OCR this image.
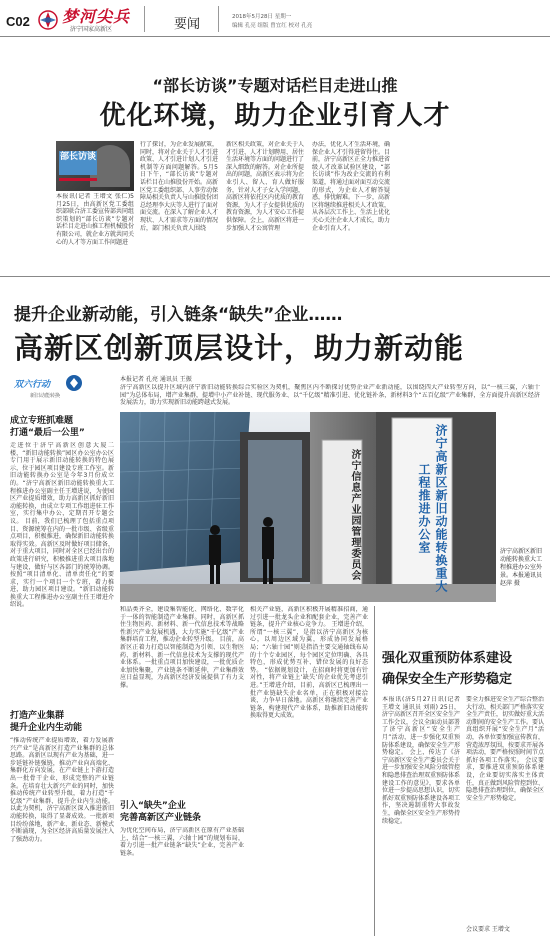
C02 梦河尖兵
济宁国家高新区	要闻	2018年5月28日 星期一
编辑 孔亮 组版 曾宜红 校对 孔亮
“部长访谈”专题对话栏目走进山推
优化环境，助力企业引育人才
部长访谈
本报讯(记者 王增文 张仁)5月25日，由高新区党工委组织部联合济工委宣传部共同组织策划的“部长访谈”专题对话栏目走进山推工程机械股份有限公司，就企业方就共同关心的人才等方面工作问题进
行了探讨，为企业发展献策，同时，将对企业关于人才引进政策、人才引进计划人才引进机制等方面问题解答。5月5日下午，“部长访谈”专题对话栏目在山推股份开始。高新区党工委组织部、人事劳动保障局相关负责人与山推股份团总经理李大庆等人进行了面对面交流。在深入了解企业人才现状、人才需求等方面的情况后，部门相关负责人围绕
新区相关政策，对企业关于人才引进、人才计划聘用、居住生活环境等方面的问题进行了深入细致的解答。对企业所提出的问题，高新区表示将为企业引人、留人、育人做好服务，针对人才子女入学问题，高新区将依托区内优质的教育资源，为人才子女提供优质的教育资源，为人才安心工作提供保障。会上，高新区将进一步加强人才公寓管理
办法，优化人才生活环境，确保企业人才引得进留得住。目前，济宁高新区正全力推进省级人才改革试验区建设，“部长访谈”作为改企交流的有利渠道，将通过面对面互动交流的形式，为企业人才解答疑惑，排忧解难。下一步，高新区将继续推进相关人才政策，从各层次工作上、生活上优化关心关注企业人才成长，助力企业引育人才。
提升企业新动能，引入链条“缺失”企业……
高新区创新顶层设计，助力新动能
双六行动
新旧动能转换
本报记者 孔亮 通讯员 王振
济宁高新区以提升区域内济宁新旧动能转换综合实验区为契机，聚焦区内不断探讨优势企业产业新动能，以围绕四大产业转型方向，以“一核三翼，六轴十园”为总体布局，增产业集群，提增中小产业补链、现代服务业、以“千亿级”精准引进、优化链补条，新材料3个“五百亿级”产业集群，全方面提升高新区经济发展活力，助力实现新旧动能跨越式发展。
成立专班抓难题
打通“最后一公里”
走进位于济宁高新区创意大厦二楼，“新旧动能转换”园区办公室办公区专门用于展示新旧动能转换的特色展示，位于园区项目建设专班工作室。新旧动能转换办公室是今年3月份成立的。“济宁高新区新旧动能转换重大工程推进办公室副主任王增进说，为使园区产业提质增效，助力高新区抓好新旧动能转换，由成立专项工作组进驻工作室，实行集中办公，定期召开专题会议。 目前，我们已梳理了包括重点项目、资源统筹在内的一批市级、省级重点项目，积极推进，确保新旧动能转换取得实效。高新区及时做好项目储备，对于重大项目，同时对全区已经出台的政策进行研究，积极推进重大项目落地与建设，做好与区各部门的统筹协调。按照“项目清单化、清单责任化”的要求，实行一个项目一个专班，着力推进，助力园区项目建设。“新旧动能转换重大工程推进办公室副主任王增进介绍说。
打造产业集群
提升企业内生动能
“推动传统产业提质增效，着力发展新兴产业”是高新区打造产业集群的总体思路。高新区以现有产业为基础，进一步延链补链强链，推动产业向高端化、集群化方向发展，在产业链上下游打造出一批骨干企业，形成完整的产业链条。在培育壮大新兴产业的同时，加快推动传统产业转型升级，着力打造“千亿级”产业集群，提升企业内生动能。 以此为契机，济宁高新区深入推进新旧动能转换，取得了显著成效。一批新项目纷纷落地，新产业、新业态、新模式不断涌现，为全区经济高质量发展注入了强劲动力。
济宁信息产业园管理委员会	济宁高新区新旧动能转换重大工程推进办公室	济宁高新区新旧动能转换重大工程推进办公室外景。本报通讯员 赵萍 摄
和品类齐全，建设集智能化、网络化、数字化于一体的智能制造产业集群。同时，高新区抓住生物医药、新材料、新一代信息技术等战略性新兴产业发展机遇，大力实施“千亿级”产业集群培育工程，推动企业转型升级。 目前，高新区正着力打造以智能制造为引领、以生物医药、新材料、新一代信息技术为支撑的现代产业体系。一批重点项目加快建设，一批优质企业加快集聚，产业链条不断延伸，产业集群效应日益显现，为高新区经济发展提供了有力支撑。
引入“缺失”企业
完善高新区产业链条
为优化空间布局，济宁高新区在原有产业基础上，结合“一核三翼，六轴十园”的规划布局，着力引进一批产业链条“缺失”企业，完善产业链条。
相关产业链，高新区积极开展精准招商，通过引进一批龙头企业和配套企业，完善产业链条，提升产业核心竞争力。 王增进介绍，所谓“一核三翼”，是指以济宁高新区为核心，以周边区域为翼，形成协同发展格局；“六轴十园”则是指沿主要交通轴线布局的十个专业园区，每个园区定位明确、各具特色，形成优势互补、错位发展的良好态势。 “依据规划设计，在招商时将更加有针对性，将产业链上‘缺失’的企业优先考虑引进。”王增进介绍，目前，高新区已梳理出一批产业链缺失企业名单，正在积极对接洽谈，力争早日落地。高新区将继续完善产业链条，构建现代产业体系，助推新旧动能转换取得更大成效。
强化双重预防体系建设
确保安全生产形势稳定
本报讯(济5月27日讯(记者 王增文 通讯员 刘雨) 25日，济宁高新区召开全区安全生产工作会议，会议全面动员部署了济宁高新区“安全生产月”活动，进一步强化双重预防体系建设，确保安全生产形势稳定。 会上，传达了《济宁高新区安全生产委员会关于进一步加强安全风险分级管控和隐患排查治理双重预防体系建设工作的意见》，要求各单位进一步提高思想认识，切实抓好双重预防体系建设各项工作，坚决遏制重特大事故发生，确保全区安全生产形势持续稳定。
要全力推进安全生产综合整治大行动，相关部门严格落实安全生产责任，切实做好重大活动期间的安全生产工作。要认真组织开展“安全生产月”活动，各单位要加强宣传教育，营造浓厚氛围，按要求开展各项活动，要严格按照时间节点抓好各项工作落实。 会议要求，要推进双重预防体系建设，企业要切实落实主体责任，真正做到风险管控到位、隐患排查治理到位，确保全区安全生产形势稳定。
会议要求 王增文
